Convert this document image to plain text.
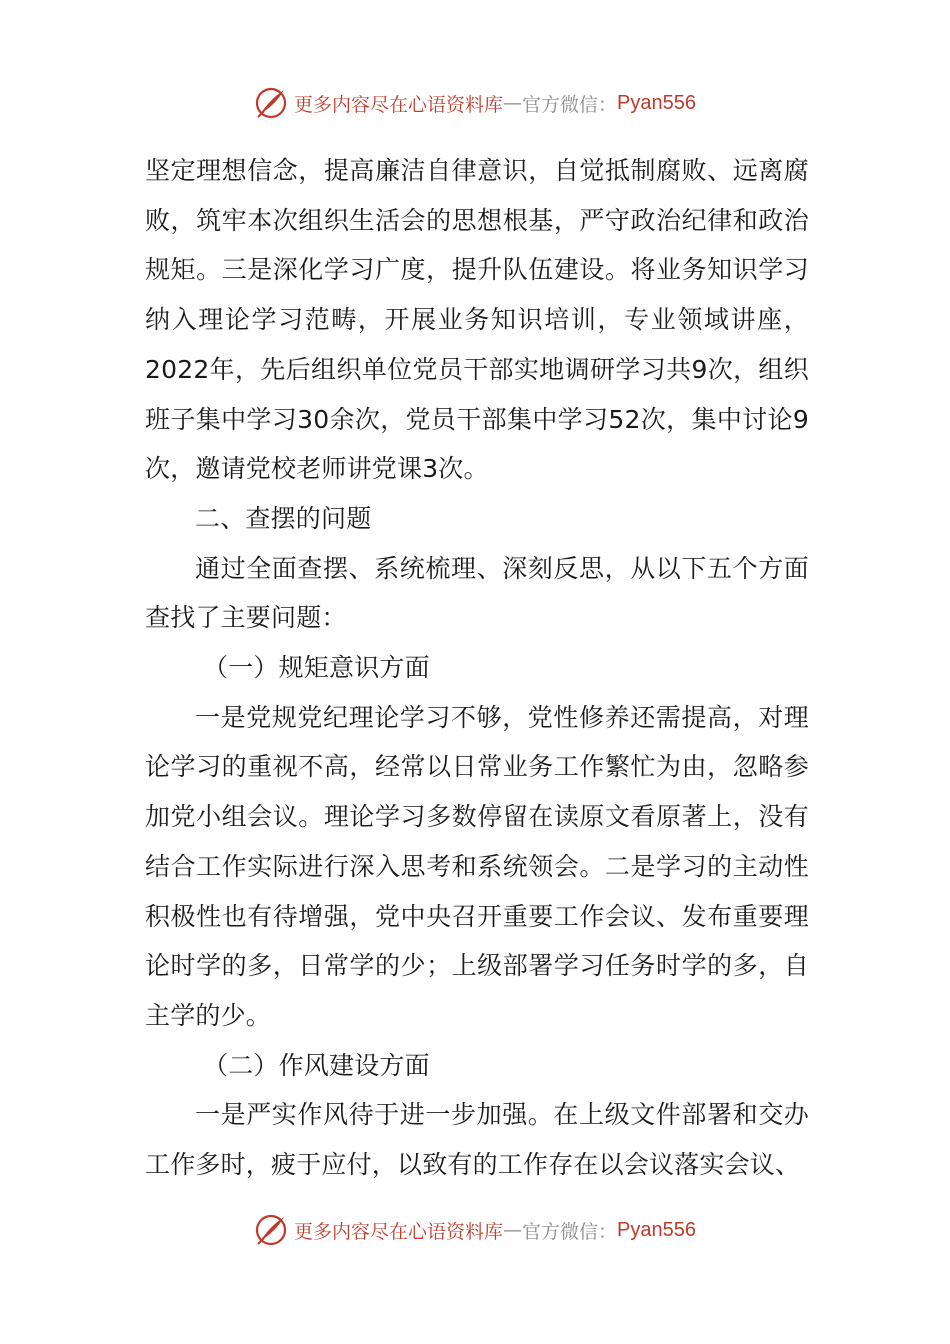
更多内容尽在心语资料库 — 官方微信： Pyan556

坚定理想信念，提高廉洁自律意识，自觉抵制腐败、远离腐败，筑牢本次组织生活会的思想根基，严守政治纪律和政治规矩。三是深化学习广度，提升队伍建设。将业务知识学习纳入理论学习范畴，开展业务知识培训，专业领域讲座，2022年，先后组织单位党员干部实地调研学习共9次，组织班子集中学习30余次，党员干部集中学习52次，集中讨论9次，邀请党校老师讲党课3次。

二、查摆的问题

通过全面查摆、系统梳理、深刻反思，从以下五个方面查找了主要问题：

（一）规矩意识方面

一是党规党纪理论学习不够，党性修养还需提高，对理论学习的重视不高，经常以日常业务工作繁忙为由，忽略参加党小组会议。理论学习多数停留在读原文看原著上，没有结合工作实际进行深入思考和系统领会。二是学习的主动性积极性也有待增强，党中央召开重要工作会议、发布重要理论时学的多，日常学的少；上级部署学习任务时学的多，自主学的少。

（二）作风建设方面

一是严实作风待于进一步加强。在上级文件部署和交办工作多时，疲于应付，以致有的工作存在以会议落实会议、

更多内容尽在心语资料库 — 官方微信： Pyan556
